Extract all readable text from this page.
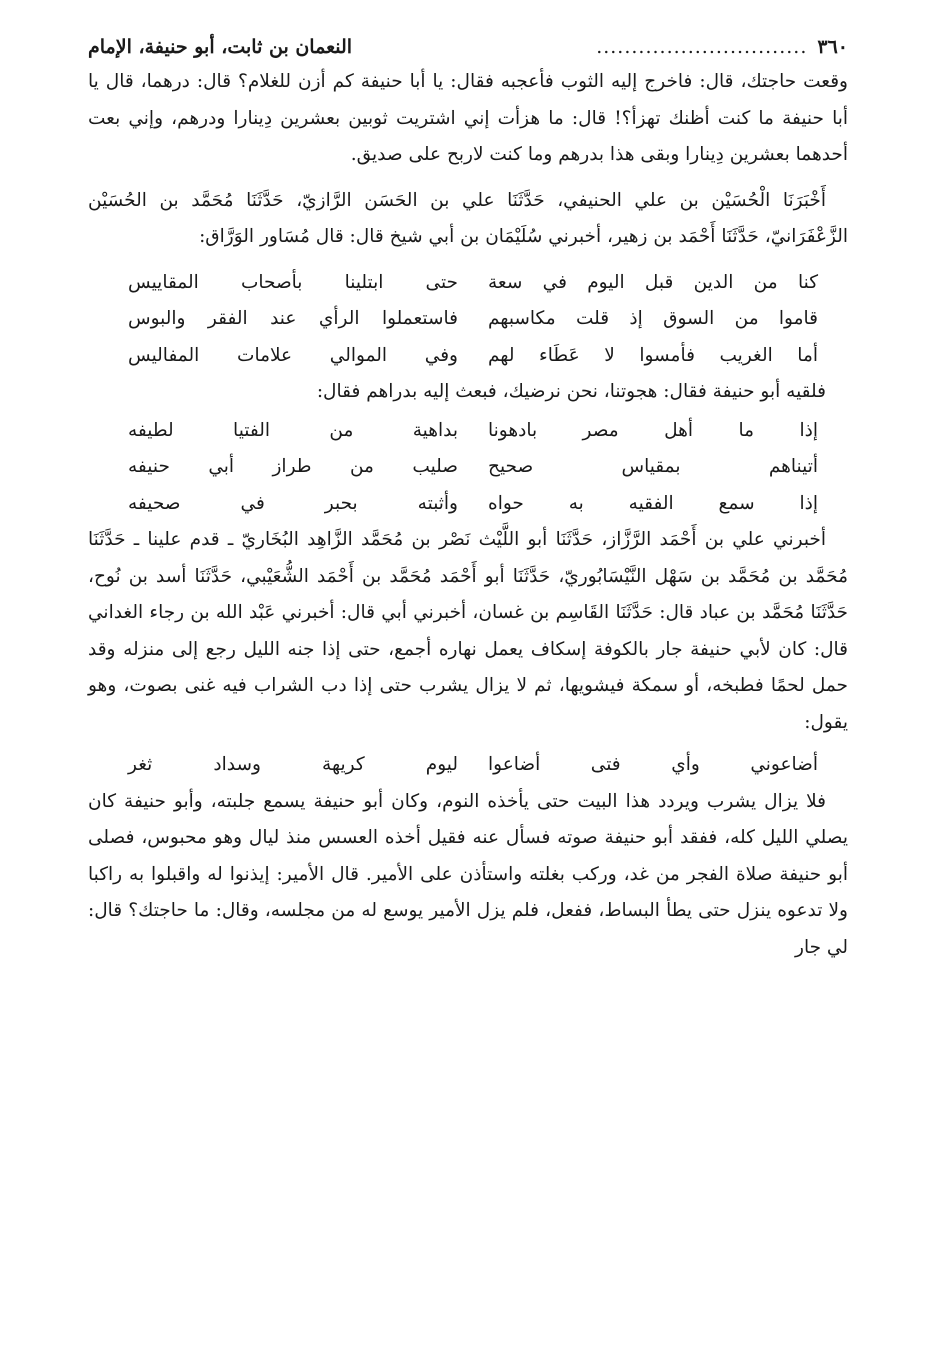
٣٦٠
..............................
النعمان بن ثابت، أبو حنيفة، الإمام

وقعت حاجتك، قال: فاخرج إليه الثوب فأعجبه فقال: يا أبا حنيفة كم أزن للغلام؟ قال: درهما، قال يا أبا حنيفة ما كنت أظنك تهزأ؟! قال: ما هزأت إني اشتريت ثوبين بعشرين دِينارا ودرهم، وإني بعت أحدهما بعشرين دِينارا وبقى هذا بدرهم وما كنت لاربح على صديق.

أَخْبَرَنَا الْحُسَيْن بن علي الحنيفي، حَدَّثَنَا علي بن الحَسَن الرَّازيّ، حَدَّثَنَا مُحَمَّد بن الحُسَيْن الزَّعْفَرَانيّ، حَدَّثَنَا أَحْمَد بن زهير، أخبرني سُلَيْمَان بن أبي شيخ قال: قال مُسَاور الوَرَّاق:

كنا من الدين قبل اليوم في سعة
حتى ابتلينا بأصحاب المقاييس
قاموا من السوق إذ قلت مكاسبهم
فاستعملوا الرأي عند الفقر والبوس
أما الغريب فأمسوا لا عَطَاء لهم
وفي الموالي علامات المفاليس

فلقيه أبو حنيفة فقال: هجوتنا، نحن نرضيك، فبعث إليه بدراهم فقال:

إذا ما أهل مصر بادهونا
بداهية من الفتيا لطيفه
أتيناهم بمقياس صحيح
صليب من طراز أبي حنيفه
إذا سمع الفقيه به حواه
وأثبته بحبر في صحيفه

أخبرني علي بن أَحْمَد الرَّزَّاز، حَدَّثَنَا أبو اللَّيْث نَصْر بن مُحَمَّد الزَّاهِد البُخَاريّ ـ قدم علينا ـ حَدَّثَنَا مُحَمَّد بن مُحَمَّد بن سَهْل النَّيْسَابُوريّ، حَدَّثَنَا أبو أَحْمَد مُحَمَّد بن أَحْمَد الشُّعَيْبي، حَدَّثَنَا أسد بن نُوح، حَدَّثَنَا مُحَمَّد بن عباد قال: حَدَّثَنَا القَاسِم بن غسان، أخبرني أبي قال: أخبرني عَبْد الله بن رجاء الغداني قال: كان لأبي حنيفة جار بالكوفة إسكاف يعمل نهاره أجمع، حتى إذا جنه الليل رجع إلى منزله وقد حمل لحمًا فطبخه، أو سمكة فيشويها، ثم لا يزال يشرب حتى إذا دب الشراب فيه غنى بصوت، وهو يقول:

أضاعوني وأي فتى أضاعوا
ليوم كريهة وسداد ثغر

فلا يزال يشرب ويردد هذا البيت حتى يأخذه النوم، وكان أبو حنيفة يسمع جلبته، وأبو حنيفة كان يصلي الليل كله، ففقد أبو حنيفة صوته فسأل عنه فقيل أخذه العسس منذ ليال وهو محبوس، فصلى أبو حنيفة صلاة الفجر من غد، وركب بغلته واستأذن على الأمير. قال الأمير: إيذنوا له واقبلوا به راكبا ولا تدعوه ينزل حتى يطأ البساط، ففعل، فلم يزل الأمير يوسع له من مجلسه، وقال: ما حاجتك؟ قال: لي جار
